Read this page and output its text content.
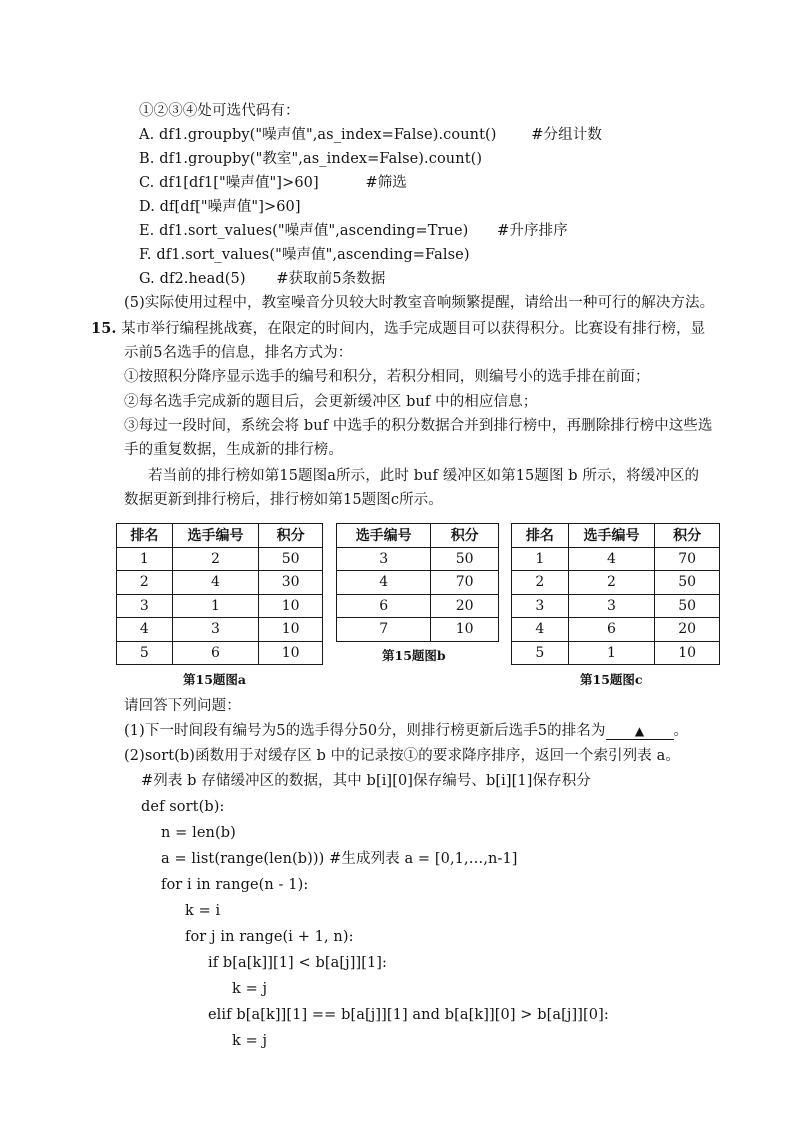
①②③④处可选代码有：
A. df1.groupby("噪声值",as_index=False).count() #分组计数
B. df1.groupby("教室",as_index=False).count()
C. df1[df1["噪声值"]>60]	#筛选
D. df[df["噪声值"]>60]
E. df1.sort_values("噪声值",ascending=True) #升序排序
F. df1.sort_values("噪声值",ascending=False)
G. df2.head(5) #获取前5条数据
(5)实际使用过程中，教室噪音分贝较大时教室音响频繁提醒，请给出一种可行的解决方法。
15. 某市举行编程挑战赛，在限定的时间内，选手完成题目可以获得积分。比赛设有排行榜，显
示前5名选手的信息，排名方式为：
①按照积分降序显示选手的编号和积分，若积分相同，则编号小的选手排在前面；
②每名选手完成新的题目后，会更新缓冲区 buf 中的相应信息；
③每过一段时间，系统会将 buf 中选手的积分数据合并到排行榜中，再删除排行榜中这些选
手的重复数据，生成新的排行榜。
若当前的排行榜如第15题图a所示，此时 buf 缓冲区如第15题图 b 所示，将缓冲区的
数据更新到排行榜后，排行榜如第15题图c所示。
排名	选手编号	积分
1	2	50
2	4	30
3	1	10
4	3	10
5	6	10
第15题图a
选手编号	积分
3	50
4	70
6	20
7	10
第15题图b
排名	选手编号	积分
1	4	70
2	2	50
3	3	50
4	6	20
5	1	10
第15题图c
请回答下列问题：
(1)下一时间段有编号为5的选手得分50分，则排行榜更新后选手5的排名为 ▲ 。
(2)sort(b)函数用于对缓存区 b 中的记录按①的要求降序排序，返回一个索引列表 a。
#列表 b 存储缓冲区的数据，其中 b[i][0]保存编号、b[i][1]保存积分
def sort(b):
n = len(b)
a = list(range(len(b))) #生成列表 a = [0,1,…,n-1]
for i in range(n - 1):
k = i
for j in range(i + 1, n):
if b[a[k]][1] < b[a[j]][1]:
k = j
elif b[a[k]][1] == b[a[j]][1] and b[a[k]][0] > b[a[j]][0]:
k = j
